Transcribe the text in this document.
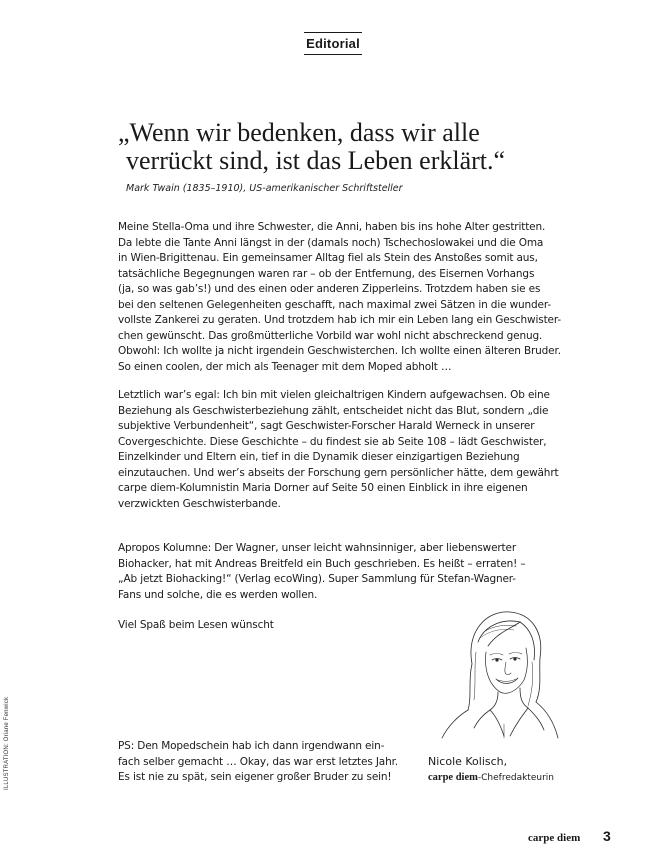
Editorial
„Wenn wir bedenken, dass wir alle
verrückt sind, ist das Leben erklärt.“
Mark Twain (1835–1910), US-amerikanischer Schriftsteller
Meine Stella-Oma und ihre Schwester, die Anni, haben bis ins hohe Alter gestritten.
Da lebte die Tante Anni längst in der (damals noch) Tschechoslowakei und die Oma
in Wien-Brigittenau. Ein gemeinsamer Alltag fiel als Stein des Anstoßes somit aus,
tatsächliche Begegnungen waren rar – ob der Entfernung, des Eisernen Vorhangs
(ja, so was gab’s!) und des einen oder anderen Zipperleins. Trotzdem haben sie es
bei den seltenen Gelegenheiten geschafft, nach maximal zwei Sätzen in die wunder-
vollste Zankerei zu geraten. Und trotzdem hab ich mir ein Leben lang ein Geschwister-
chen gewünscht. Das großmütterliche Vorbild war wohl nicht abschreckend genug.
Obwohl: Ich wollte ja nicht irgendein Geschwisterchen. Ich wollte einen älteren Bruder.
So einen coolen, der mich als Teenager mit dem Moped abholt …
Letztlich war’s egal: Ich bin mit vielen gleichaltrigen Kindern aufgewachsen. Ob eine
Beziehung als Geschwisterbeziehung zählt, entscheidet nicht das Blut, sondern „die
subjektive Verbundenheit“, sagt Geschwister-Forscher Harald Werneck in unserer
Covergeschichte. Diese Geschichte – du findest sie ab Seite 108 – lädt Geschwister,
Einzelkinder und Eltern ein, tief in die Dynamik dieser einzigartigen Beziehung
einzutauchen. Und wer’s abseits der Forschung gern persönlicher hätte, dem gewährt
carpe diem-Kolumnistin Maria Dorner auf Seite 50 einen Einblick in ihre eigenen
verzwickten Geschwisterbande.
Apropos Kolumne: Der Wagner, unser leicht wahnsinniger, aber liebenswerter
Biohacker, hat mit Andreas Breitfeld ein Buch geschrieben. Es heißt – erraten! –
„Ab jetzt Biohacking!“ (Verlag ecoWing). Super Sammlung für Stefan-Wagner-
Fans und solche, die es werden wollen.
Viel Spaß beim Lesen wünscht
PS: Den Mopedschein hab ich dann irgendwann ein-
fach selber gemacht … Okay, das war erst letztes Jahr.
Es ist nie zu spät, sein eigener großer Bruder zu sein!
Nicole Kolisch,
carpe diem-Chefredakteurin
ILLUSTRATION: Oriane Fenwick
carpe diem 3
